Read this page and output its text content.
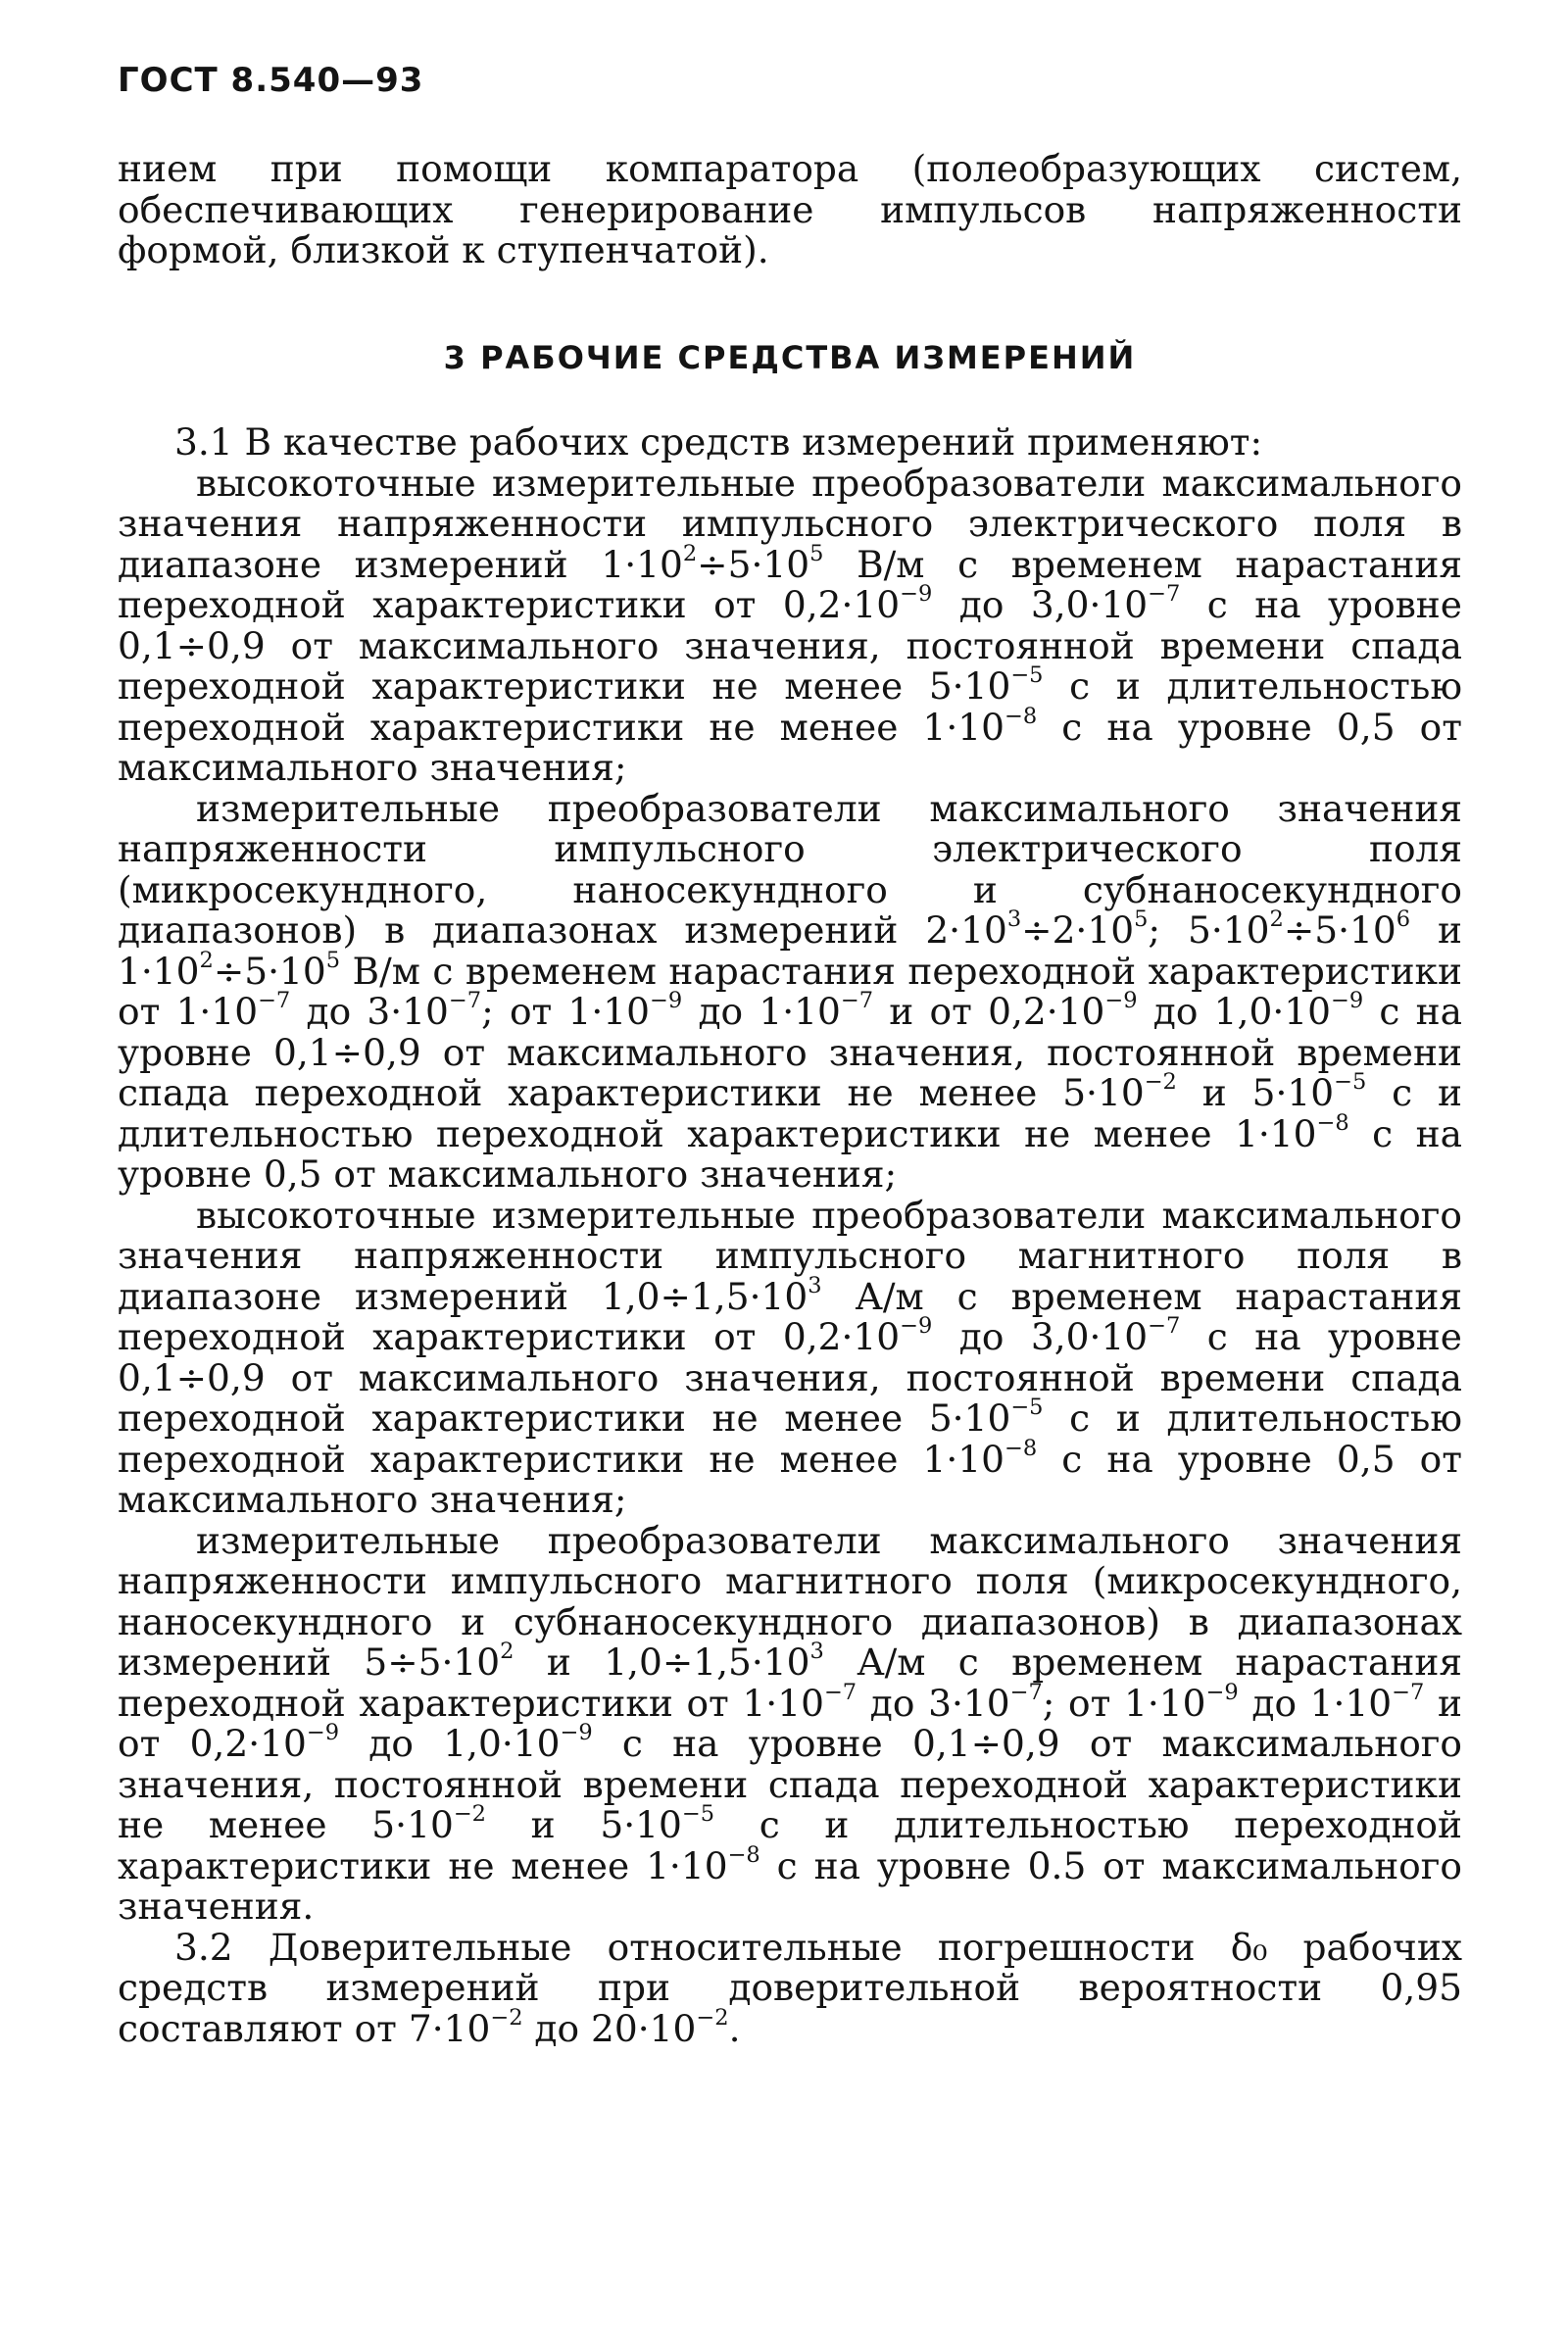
ГОСТ 8.540—93
нием при помощи компаратора (полеобразующих систем, обеспечивающих генерирование импульсов напряженности формой, близкой к ступенчатой).
3 РАБОЧИЕ СРЕДСТВА ИЗМЕРЕНИЙ

3.1 В качестве рабочих средств измерений применяют:

высокоточные измерительные преобразователи максимального значения напряженности импульсного электрического поля в диапазоне измерений $1\cdot 10^2\div 5\cdot 10^5$ В/м с временем нарастания переходной характеристики от $0,2\cdot 10^{-9}$ до $3,0\cdot 10^{-7}$ с на уровне 0,1÷0,9 от максимального значения, постоянной времени спада переходной характеристики не менее $5\cdot 10^{-5}$ с и длительностью переходной характеристики не менее $1\cdot 10^{-8}$ с на уровне 0,5 от максимального значения;

измерительные преобразователи максимального значения напряженности импульсного электрического поля (микросекундного, наносекундного и субнаносекундного диапазонов) в диапазонах измерений $2\cdot 10^3\div 2\cdot 10^5$; $5\cdot 10^2\div 5\cdot 10^6$ и $1\cdot 10^2\div 5\cdot 10^5$ В/м с временем нарастания переходной характеристики от $1\cdot 10^{-7}$ до $3\cdot 10^{-7}$; от $1\cdot 10^{-9}$ до $1\cdot 10^{-7}$ и от $0,2\cdot 10^{-9}$ до $1,0\cdot 10^{-9}$ с на уровне 0,1÷0,9 от максимального значения, постоянной времени спада переходной характеристики не менее $5\cdot 10^{-2}$ и $5\cdot 10^{-5}$ с и длительностью переходной характеристики не менее $1\cdot 10^{-8}$ с на уровне 0,5 от максимального значения;

высокоточные измерительные преобразователи максимального значения напряженности импульсного магнитного поля в диапазоне измерений $1,0\div 1,5\cdot 10^3$ А/м с временем нарастания переходной характеристики от $0,2\cdot 10^{-9}$ до $3,0\cdot 10^{-7}$ с на уровне 0,1÷0,9 от максимального значения, постоянной времени спада переходной характеристики не менее $5\cdot 10^{-5}$ с и длительностью переходной характеристики не менее $1\cdot 10^{-8}$ с на уровне 0,5 от максимального значения;

измерительные преобразователи максимального значения напряженности импульсного магнитного поля (микросекундного, наносекундного и субнаносекундного диапазонов) в диапазонах измерений $5\div 5\cdot 10^2$ и $1,0\div 1,5\cdot 10^3$ А/м с временем нарастания переходной характеристики от $1\cdot 10^{-7}$ до $3\cdot 10^{-7}$; от $1\cdot 10^{-9}$ до $1\cdot 10^{-7}$ и от $0,2\cdot 10^{-9}$ до $1,0\cdot 10^{-9}$ с на уровне 0,1÷0,9 от максимального значения, постоянной времени спада переходной характеристики не менее $5\cdot 10^{-2}$ и $5\cdot 10^{-5}$ с и длительностью переходной характеристики не менее $1\cdot 10^{-8}$ с на уровне 0.5 от максимального значения.

3.2 Доверительные относительные погрешности δ₀ рабочих средств измерений при доверительной вероятности 0,95 составляют от $7\cdot 10^{-2}$ до $20\cdot 10^{-2}$.
